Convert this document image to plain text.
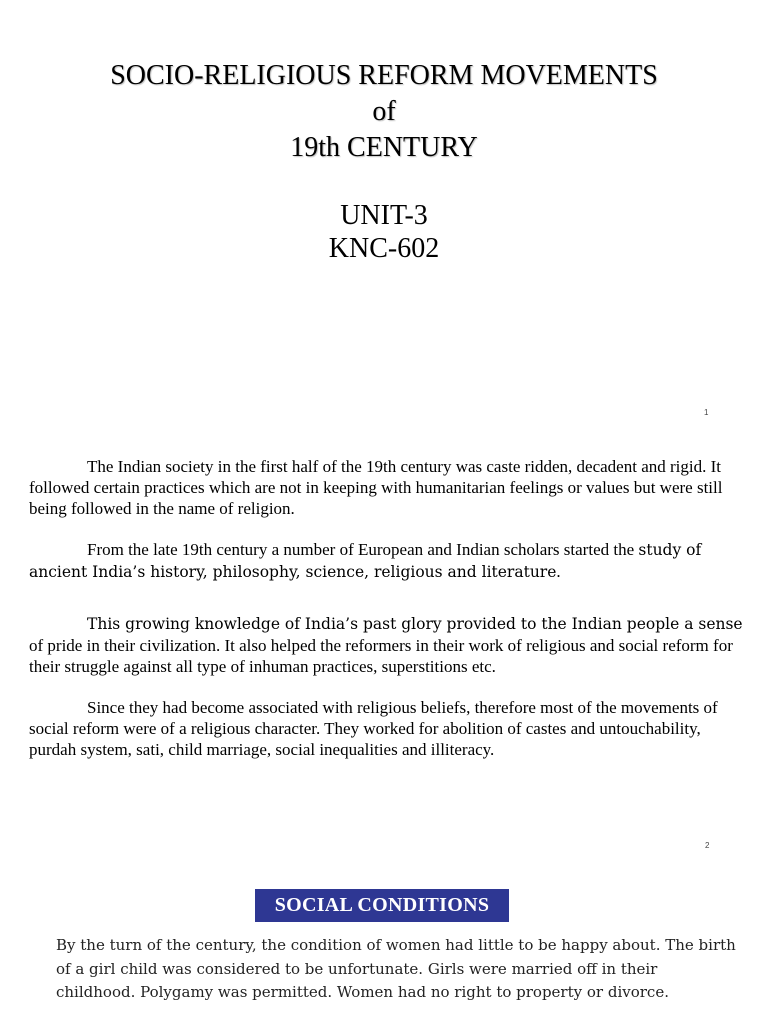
SOCIO-RELIGIOUS REFORM MOVEMENTS
of
19th CENTURY
UNIT-3
KNC-602
1
The Indian society in the first half of the 19th century was caste ridden, decadent and rigid. It followed certain practices which are not in keeping with humanitarian feelings or values but were still being followed in the name of religion.
From the late 19th century a number of European and Indian scholars started the study of ancient India’s history, philosophy, science, religious and literature.
This growing knowledge of India’s past glory provided to the Indian people a sense of pride in their civilization. It also helped the reformers in their work of religious and social reform for their struggle against all type of inhuman practices, superstitions etc.
Since they had become associated with religious beliefs, therefore most of the movements of social reform were of a religious character. They worked for abolition of castes and untouchability, purdah system, sati, child marriage, social inequalities and illiteracy.
2
SOCIAL CONDITIONS
By the turn of the century, the condition of women had little to be happy about. The birth of a girl child was considered to be unfortunate. Girls were married off in their childhood. Polygamy was permitted. Women had no right to property or divorce.
